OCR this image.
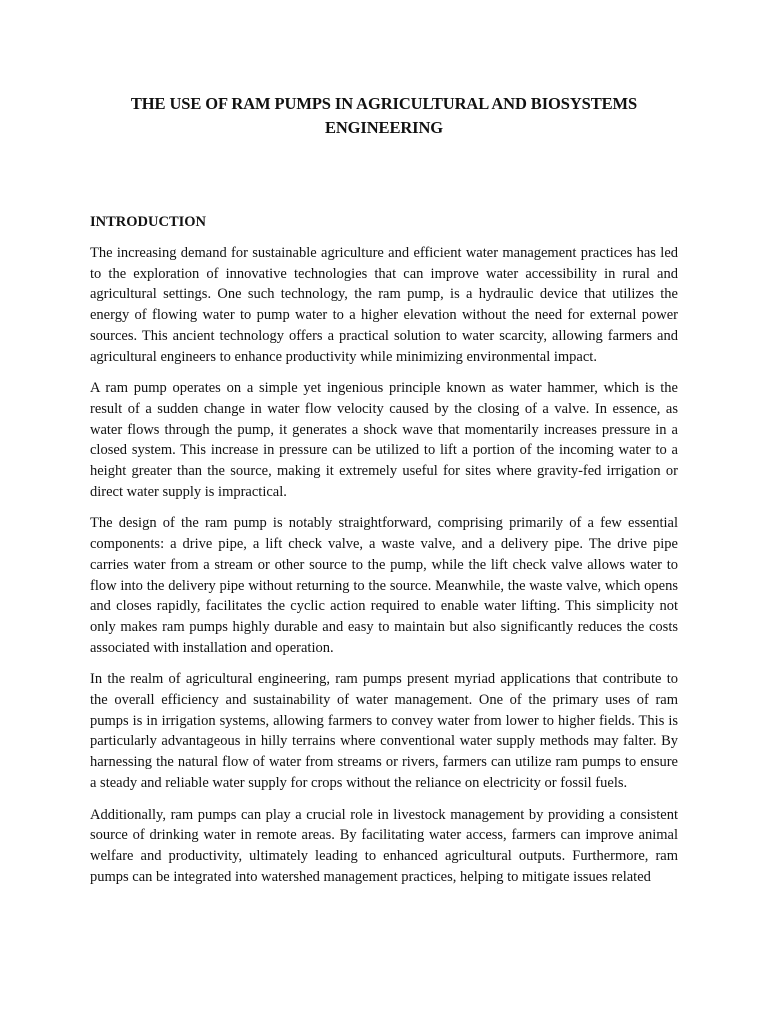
THE USE OF RAM PUMPS IN AGRICULTURAL AND BIOSYSTEMS ENGINEERING
INTRODUCTION

The increasing demand for sustainable agriculture and efficient water management practices has led to the exploration of innovative technologies that can improve water accessibility in rural and agricultural settings. One such technology, the ram pump, is a hydraulic device that utilizes the energy of flowing water to pump water to a higher elevation without the need for external power sources. This ancient technology offers a practical solution to water scarcity, allowing farmers and agricultural engineers to enhance productivity while minimizing environmental impact.

A ram pump operates on a simple yet ingenious principle known as water hammer, which is the result of a sudden change in water flow velocity caused by the closing of a valve. In essence, as water flows through the pump, it generates a shock wave that momentarily increases pressure in a closed system. This increase in pressure can be utilized to lift a portion of the incoming water to a height greater than the source, making it extremely useful for sites where gravity-fed irrigation or direct water supply is impractical.

The design of the ram pump is notably straightforward, comprising primarily of a few essential components: a drive pipe, a lift check valve, a waste valve, and a delivery pipe. The drive pipe carries water from a stream or other source to the pump, while the lift check valve allows water to flow into the delivery pipe without returning to the source. Meanwhile, the waste valve, which opens and closes rapidly, facilitates the cyclic action required to enable water lifting. This simplicity not only makes ram pumps highly durable and easy to maintain but also significantly reduces the costs associated with installation and operation.

In the realm of agricultural engineering, ram pumps present myriad applications that contribute to the overall efficiency and sustainability of water management. One of the primary uses of ram pumps is in irrigation systems, allowing farmers to convey water from lower to higher fields. This is particularly advantageous in hilly terrains where conventional water supply methods may falter. By harnessing the natural flow of water from streams or rivers, farmers can utilize ram pumps to ensure a steady and reliable water supply for crops without the reliance on electricity or fossil fuels.

Additionally, ram pumps can play a crucial role in livestock management by providing a consistent source of drinking water in remote areas. By facilitating water access, farmers can improve animal welfare and productivity, ultimately leading to enhanced agricultural outputs. Furthermore, ram pumps can be integrated into watershed management practices, helping to mitigate issues related
